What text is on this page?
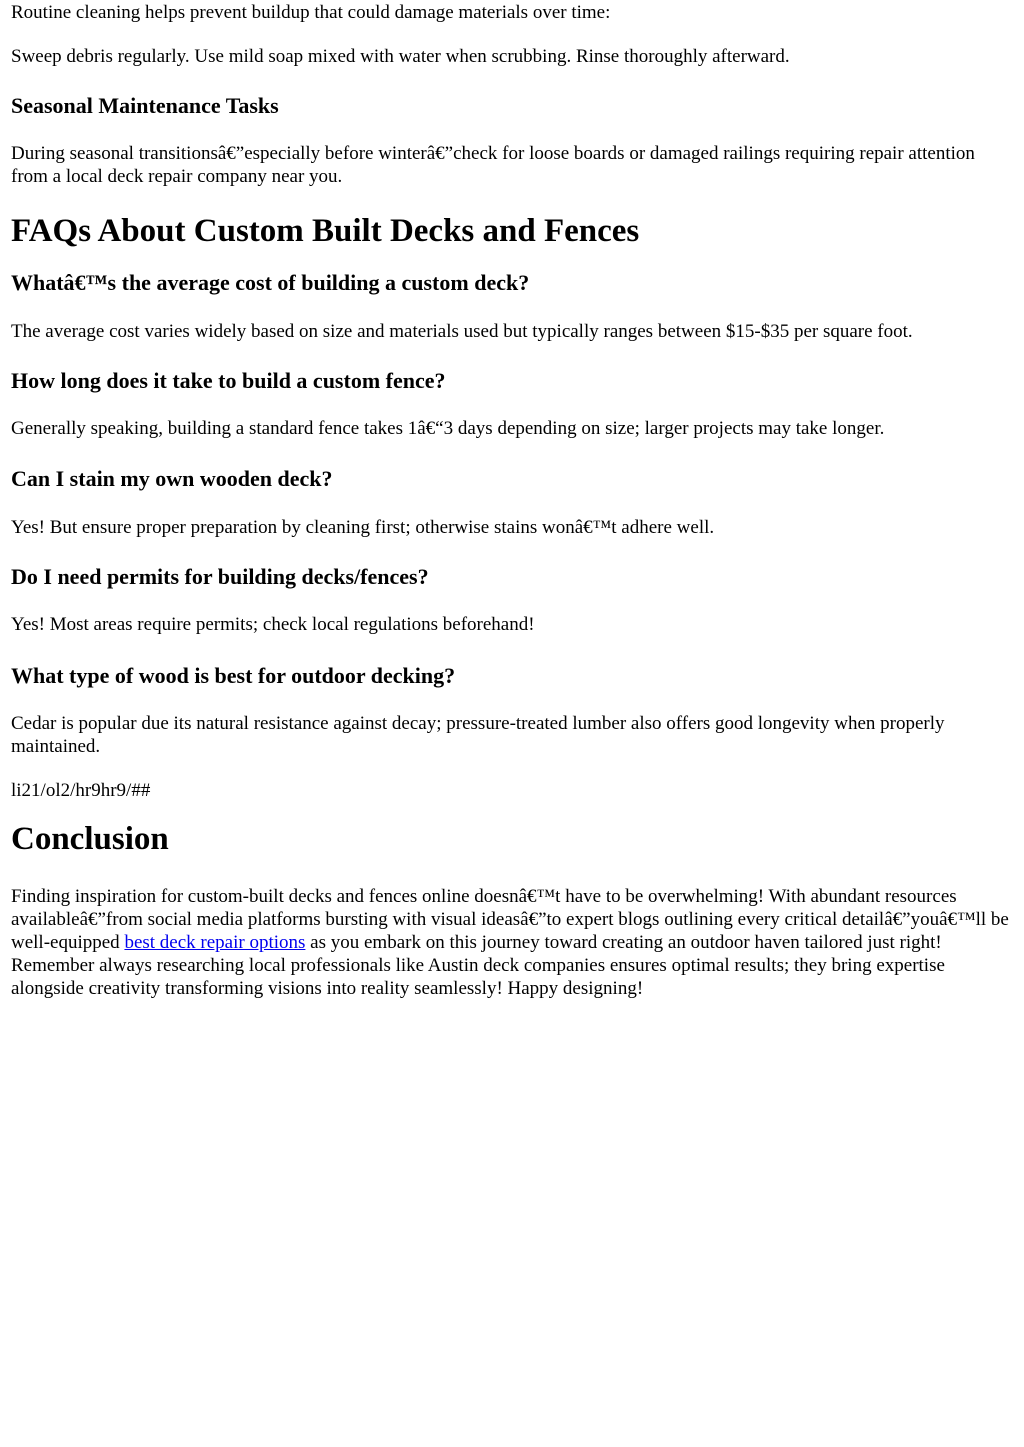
Routine cleaning helps prevent buildup that could damage materials over time:

Sweep debris regularly. Use mild soap mixed with water when scrubbing. Rinse thoroughly afterward.

Seasonal Maintenance Tasks

During seasonal transitionsâ€”especially before winterâ€”check for loose boards or damaged railings requiring repair attention from a local deck repair company near you.

FAQs About Custom Built Decks and Fences
Whatâ€™s the average cost of building a custom deck?

The average cost varies widely based on size and materials used but typically ranges between $15-$35 per square foot.

How long does it take to build a custom fence?

Generally speaking, building a standard fence takes 1â€“3 days depending on size; larger projects may take longer.

Can I stain my own wooden deck?

Yes! But ensure proper preparation by cleaning first; otherwise stains wonâ€™t adhere well.

Do I need permits for building decks/fences?

Yes! Most areas require permits; check local regulations beforehand!

What type of wood is best for outdoor decking?

Cedar is popular due its natural resistance against decay; pressure-treated lumber also offers good longevity when properly maintained.

li21/ol2/hr9hr9/##

Conclusion

Finding inspiration for custom-built decks and fences online doesnâ€™t have to be overwhelming! With abundant resources availableâ€”from social media platforms bursting with visual ideasâ€”to expert blogs outlining every critical detailâ€”youâ€™ll be well-equipped best deck repair options as you embark on this journey toward creating an outdoor haven tailored just right! Remember always researching local professionals like Austin deck companies ensures optimal results; they bring expertise alongside creativity transforming visions into reality seamlessly! Happy designing!
